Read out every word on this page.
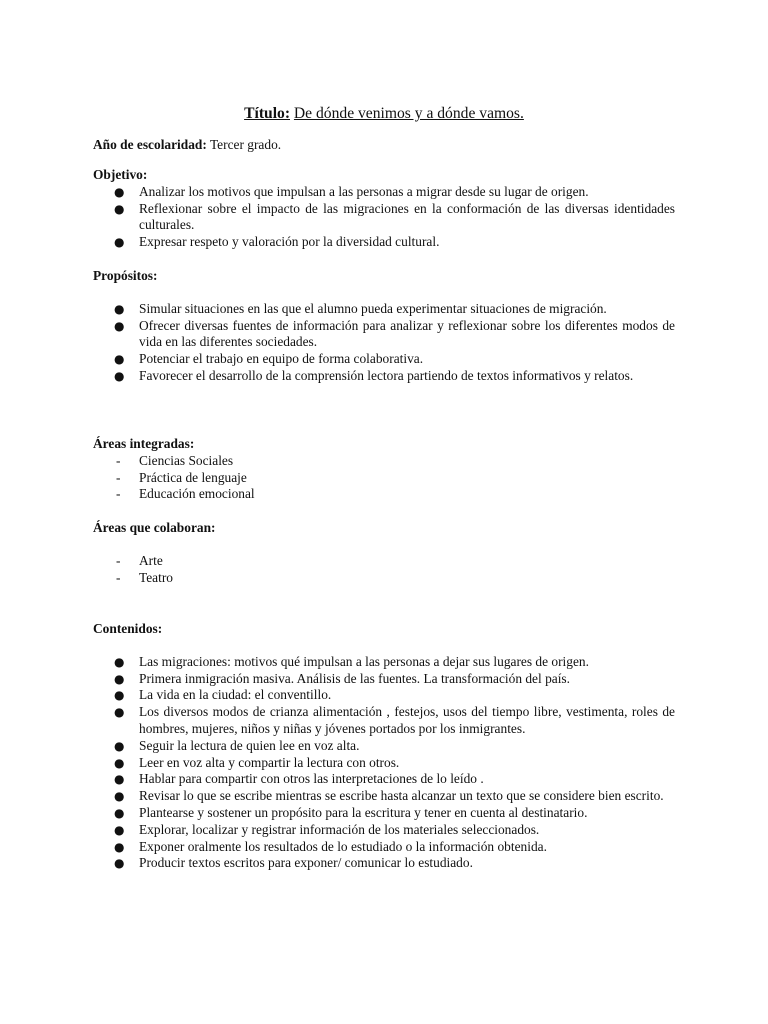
Título: De dónde venimos y a dónde vamos.
Año de escolaridad: Tercer grado.

Objetivo:

● Analizar los motivos que impulsan a las personas a migrar desde su lugar de origen.
● Reflexionar sobre el impacto de las migraciones en la conformación de las diversas identidades culturales.
● Expresar respeto y valoración por la diversidad cultural.

Propósitos:

● Simular situaciones en las que el alumno pueda experimentar situaciones de migración.
● Ofrecer diversas fuentes de información para analizar y reflexionar sobre los diferentes modos de vida en las diferentes sociedades.
● Potenciar el trabajo en equipo de forma colaborativa.
● Favorecer el desarrollo de la comprensión lectora partiendo de textos informativos y relatos.

Áreas integradas:

- Ciencias Sociales
- Práctica de lenguaje
- Educación emocional

Áreas que colaboran:

- Arte
- Teatro

Contenidos:

● Las migraciones: motivos qué impulsan a las personas a dejar sus lugares de origen.
● Primera inmigración masiva. Análisis de las fuentes. La transformación del país.
● La vida en la ciudad: el conventillo.
● Los diversos modos de crianza alimentación , festejos, usos del tiempo libre, vestimenta, roles de hombres, mujeres, niños y niñas y jóvenes portados por los inmigrantes.
● Seguir la lectura de quien lee en voz alta.
● Leer en voz alta y compartir la lectura con otros.
● Hablar para compartir con otros las interpretaciones de lo leído .
● Revisar lo que se escribe mientras se escribe hasta alcanzar un texto que se considere bien escrito.
● Plantearse y sostener un propósito para la escritura y tener en cuenta al destinatario.
● Explorar, localizar y registrar información de los materiales seleccionados.
● Exponer oralmente los resultados de lo estudiado o la información obtenida.
● Producir textos escritos para exponer/ comunicar lo estudiado.
